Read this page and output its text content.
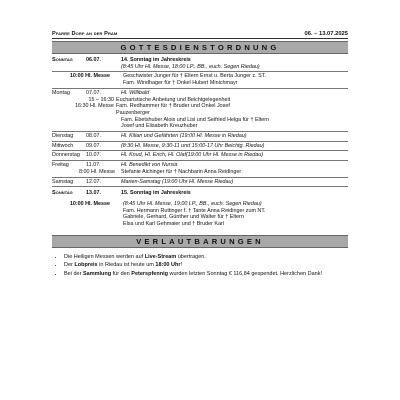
Pfarre Dorf an der Pram	06. – 13.07.2025
GOTTESDIENSTORDNUNG
Sonntag	06.07.	14. Sonntag im Jahreskreis
(8:45 Uhr Hl. Messe, 18:00 LP., BB., euch. Segen Riedau)
10:00 Hl. Messe	Geschwister Junger für † Eltern Ernst u. Berta Junger z. ST.
Fam. Windhager für † Onkel Hubert Minichmayr
Montag	07.07.	Hl. Willibald
15 – 16:30 Eucharistische Anbetung und Beichtgelegenheit
16:30 Hl. Messe Fam. Redhammer für † Bruder und Onkel Josef Pauzenberger
Fam. Ebetshuber Alois und Lisi und Seifried Helga für † Eltern Josef und Elisabeth Kreuzhuber
Dienstag	08.07.	Hl. Kilian und Gefährten (19:00 Hl. Messe in Riedau)
Mittwoch	09.07.	(8:30 Hl. Messe, 9:30-11 und 15:00-17 Uhr Beichtg. Riedau)
Donnerstag	10.07.	Hl. Knud, Hl. Erich, Hl. Olaf(19:00 Uhr Hl. Messe in Riedau)
Freitag	11.07.	Hl. Benedikt von Nursia
8:00 Hl. Messe	Stefanie Aichinger für † Nachbarin Anna Reidinger
Samstag	12.07.	Marien-Samstag (19:00 Uhr Hl. Messe Riedau)
Sonntag	13.07.	15. Sonntag im Jahreskreis
10:00 Hl. Messe	(8:45 Uhr Hl. Messe, 19:00 LP., BB., euch. Segen Riedau)
Fam. Hermann Ruttinger f. † Tante Anna Reidinger zum NT.
Gabriele, Gerhard, Günther und Walter für † Eltern
Elsa und Karl Gehmaier und † Bruder Karl
VERLAUTBARUNGEN
• Die Heiligen Messen werden auf Live-Stream übertragen.
• Der Lobpreis in Riedau ist heute um 18:00 Uhr!
• Bei der Sammlung für den Peterspfennig wurden letzten Sonntag € 116,84 gespendet. Herzlichen Dank!
